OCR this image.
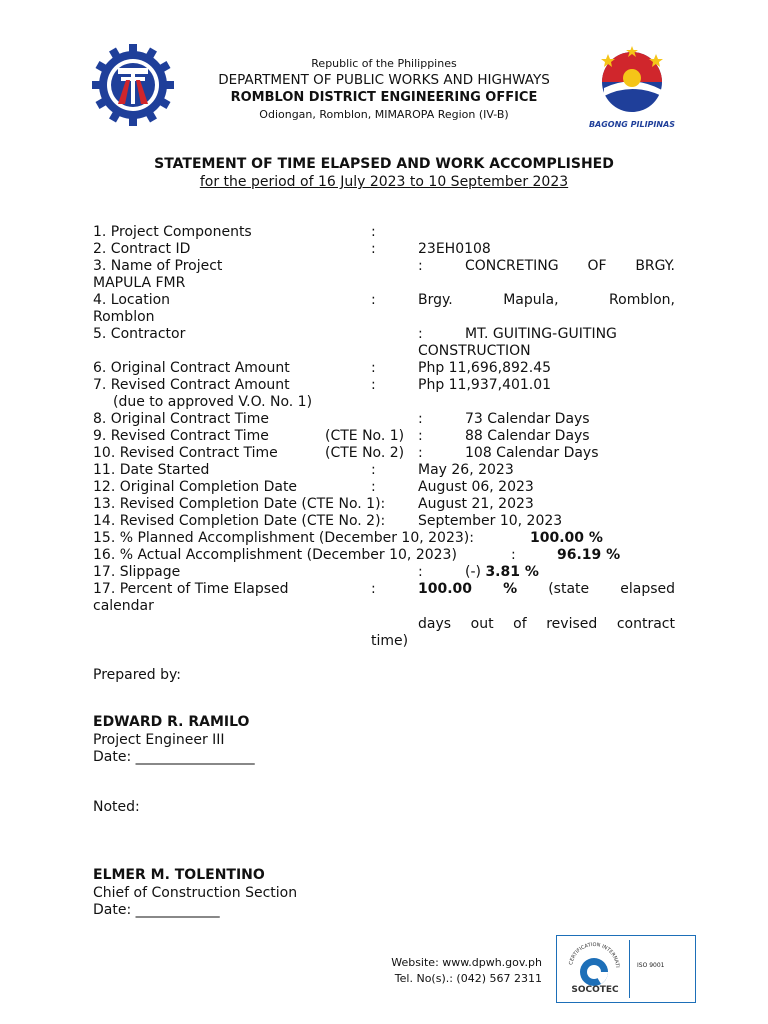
Republic of the Philippines
DEPARTMENT OF PUBLIC WORKS AND HIGHWAYS
ROMBLON DISTRICT ENGINEERING OFFICE
Odiongan, Romblon, MIMAROPA Region (IV-B)
BAGONG PILIPINAS
STATEMENT OF TIME ELAPSED AND WORK ACCOMPLISHED
for the period of 16 July 2023 to 10 September 2023
1. Project Components	:
2. Contract ID	:	23EH0108
3. Name of Project	:	CONCRETING OF BRGY.
MAPULA FMR
4. Location	:	Brgy.	Mapula,	Romblon,
Romblon
5. Contractor	:	MT. GUITING-GUITING
CONSTRUCTION
6. Original Contract Amount	:	Php 11,696,892.45
7. Revised Contract Amount	:	Php 11,937,401.01
(due to approved V.O. No. 1)
8. Original Contract Time	:	73 Calendar Days
9. Revised Contract Time	(CTE No. 1) :	88 Calendar Days
10. Revised Contract Time	(CTE No. 2) :	108 Calendar Days
11. Date Started	:	May 26, 2023
12. Original Completion Date	:	August 06, 2023
13. Revised Completion Date (CTE No. 1): August 21, 2023
14. Revised Completion Date (CTE No. 2): September 10, 2023
15. % Planned Accomplishment (December 10, 2023):	100.00 %
16. % Actual Accomplishment (December 10, 2023)	:	96.19 %
17. Slippage	:	(-) 3.81 %
17. Percent of Time Elapsed	:	100.00 % (state elapsed
calendar
days out of revised contract
time)
Prepared by:
EDWARD R. RAMILO
Project Engineer III
Date: _________________
Noted:
ELMER M. TOLENTINO
Chief of Construction Section
Date: ____________
Website: www.dpwh.gov.ph
Tel. No(s).: (042) 567 2311
CERTIFICATION INTERNATI
SOCOTEC
ISO 9001
